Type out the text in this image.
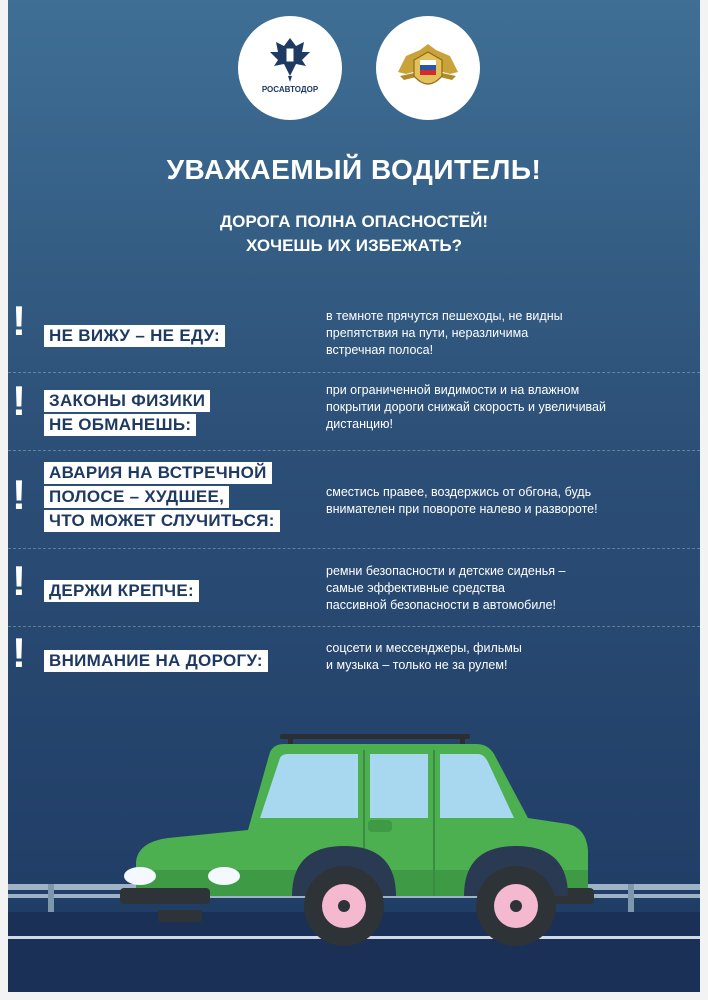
РОСАВТОДОР
УВАЖАЕМЫЙ ВОДИТЕЛЬ!
ДОРОГА ПОЛНА ОПАСНОСТЕЙ!
ХОЧЕШЬ ИХ ИЗБЕЖАТЬ?
! НЕ ВИЖУ – НЕ ЕДУ:
в темноте прячутся пешеходы, не видны
препятствия на пути, неразличима
встречная полоса!
! ЗАКОНЫ ФИЗИКИ
НЕ ОБМАНЕШЬ:
при ограниченной видимости и на влажном
покрытии дороги снижай скорость и увеличивай
дистанцию!
! АВАРИЯ НА ВСТРЕЧНОЙ
ПОЛОСЕ – ХУДШЕЕ,
ЧТО МОЖЕТ СЛУЧИТЬСЯ:
сместись правее, воздержись от обгона, будь
внимателен при повороте налево и развороте!
! ДЕРЖИ КРЕПЧЕ:
ремни безопасности и детские сиденья –
самые эффективные средства
пассивной безопасности в автомобиле!
! ВНИМАНИЕ НА ДОРОГУ:
соцсети и мессенджеры, фильмы
и музыка – только не за рулем!
